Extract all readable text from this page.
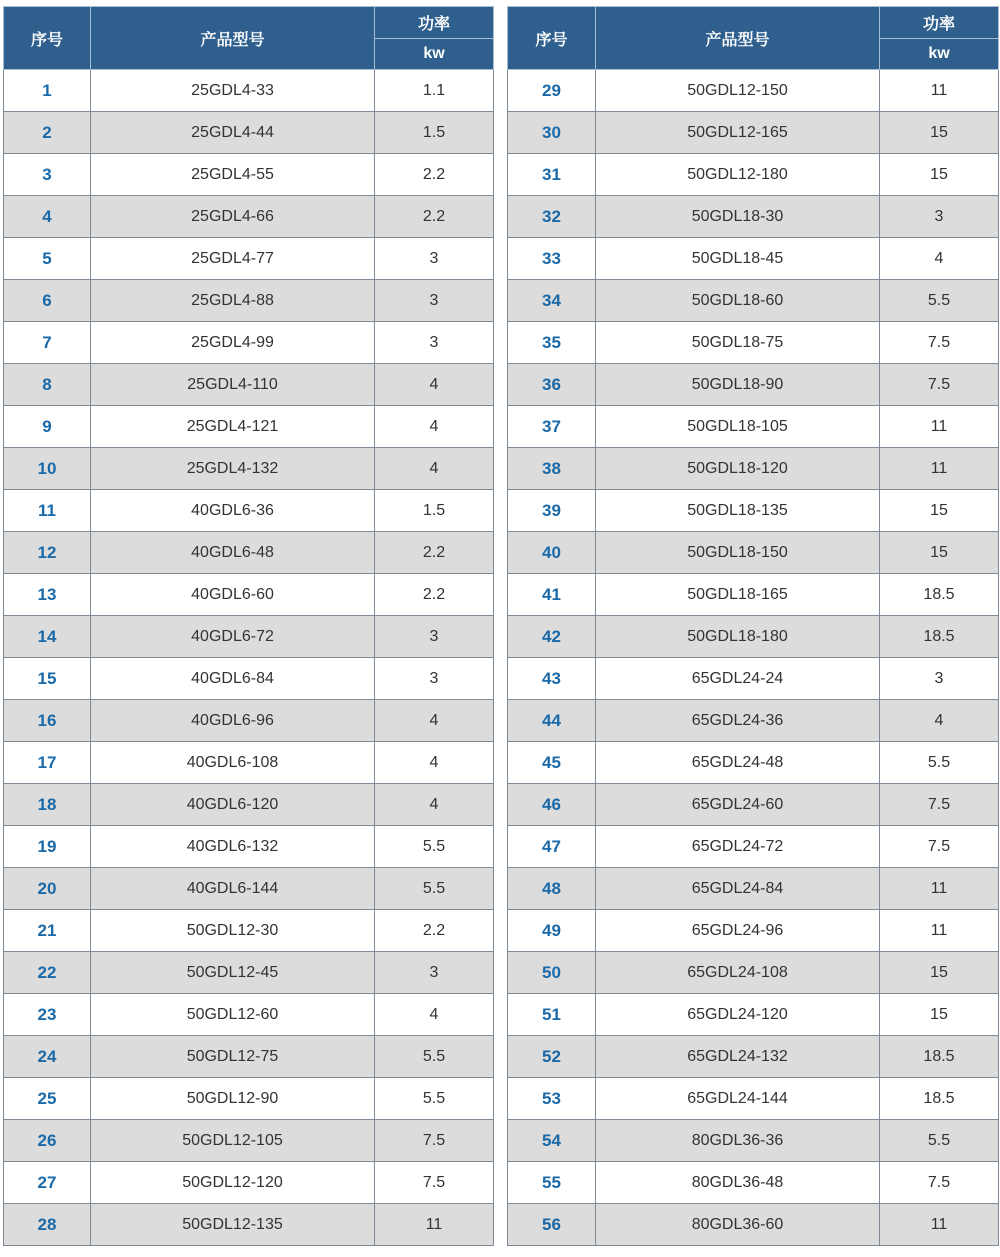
序号	产品型号	功率
		kw
1	25GDL4-33	1.1
2	25GDL4-44	1.5
3	25GDL4-55	2.2
4	25GDL4-66	2.2
5	25GDL4-77	3
6	25GDL4-88	3
7	25GDL4-99	3
8	25GDL4-110	4
9	25GDL4-121	4
10	25GDL4-132	4
11	40GDL6-36	1.5
12	40GDL6-48	2.2
13	40GDL6-60	2.2
14	40GDL6-72	3
15	40GDL6-84	3
16	40GDL6-96	4
17	40GDL6-108	4
18	40GDL6-120	4
19	40GDL6-132	5.5
20	40GDL6-144	5.5
21	50GDL12-30	2.2
22	50GDL12-45	3
23	50GDL12-60	4
24	50GDL12-75	5.5
25	50GDL12-90	5.5
26	50GDL12-105	7.5
27	50GDL12-120	7.5
28	50GDL12-135	11
序号	产品型号	功率
		kw
29	50GDL12-150	11
30	50GDL12-165	15
31	50GDL12-180	15
32	50GDL18-30	3
33	50GDL18-45	4
34	50GDL18-60	5.5
35	50GDL18-75	7.5
36	50GDL18-90	7.5
37	50GDL18-105	11
38	50GDL18-120	11
39	50GDL18-135	15
40	50GDL18-150	15
41	50GDL18-165	18.5
42	50GDL18-180	18.5
43	65GDL24-24	3
44	65GDL24-36	4
45	65GDL24-48	5.5
46	65GDL24-60	7.5
47	65GDL24-72	7.5
48	65GDL24-84	11
49	65GDL24-96	11
50	65GDL24-108	15
51	65GDL24-120	15
52	65GDL24-132	18.5
53	65GDL24-144	18.5
54	80GDL36-36	5.5
55	80GDL36-48	7.5
56	80GDL36-60	11
